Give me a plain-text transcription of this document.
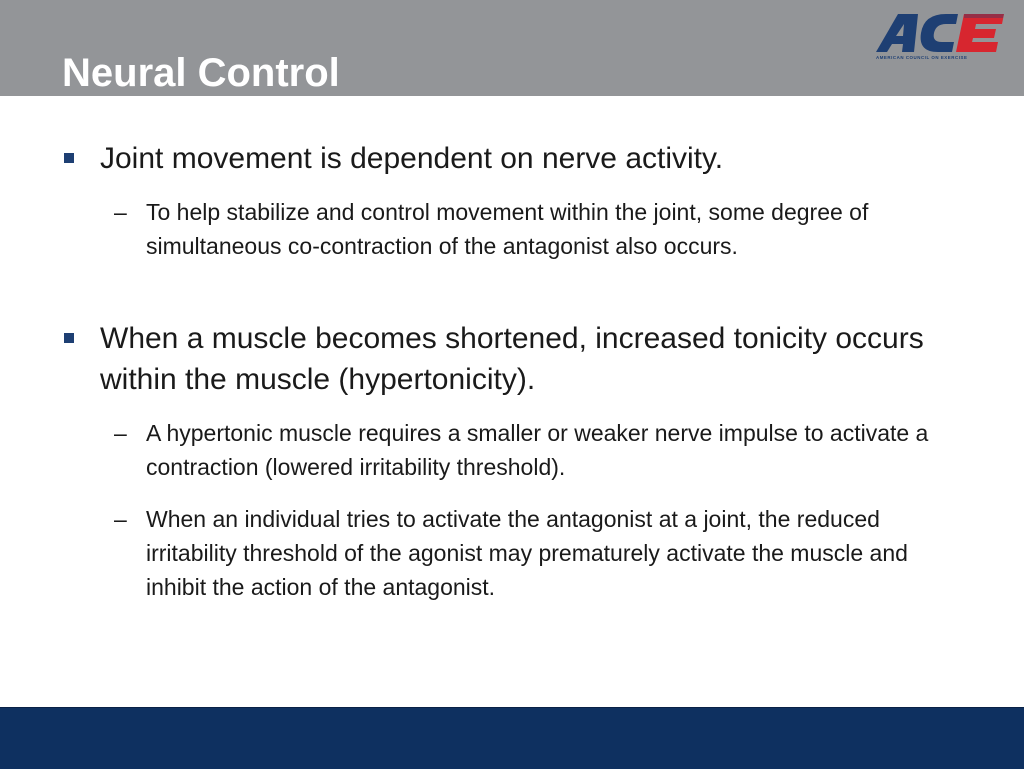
Neural Control	AMERICAN COUNCIL ON EXERCISE
Joint movement is dependent on nerve activity.
– To help stabilize and control movement within the joint, some degree of simultaneous co-contraction of the antagonist also occurs.
When a muscle becomes shortened, increased tonicity occurs within the muscle (hypertonicity).
– A hypertonic muscle requires a smaller or weaker nerve impulse to activate a contraction (lowered irritability threshold).
– When an individual tries to activate the antagonist at a joint, the reduced irritability threshold of the agonist may prematurely activate the muscle and inhibit the action of the antagonist.
